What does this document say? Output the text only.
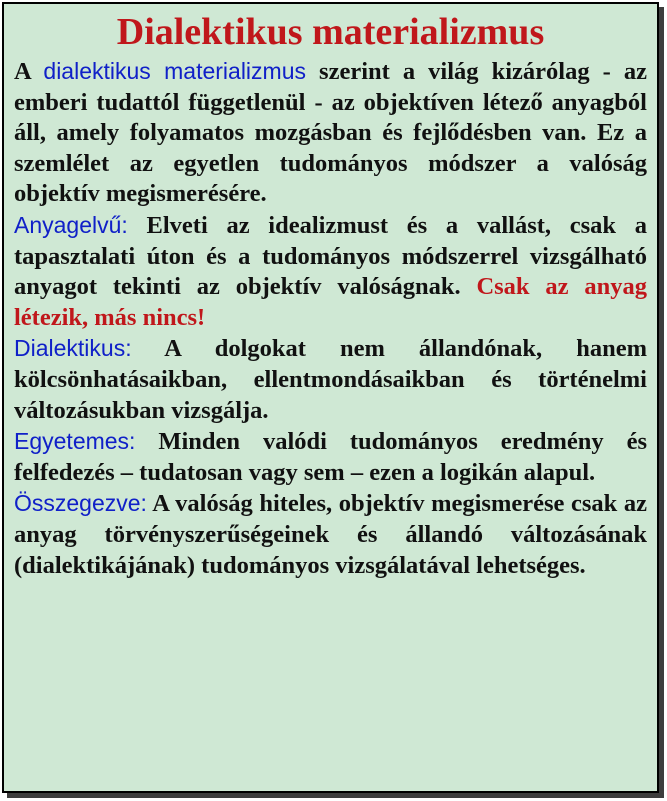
Dialektikus materializmus

A dialektikus materializmus szerint a világ kizárólag - az emberi tudattól függetlenül - az objektíven létező anyagból áll, amely folyamatos mozgásban és fejlődésben van. Ez a szemlélet az egyetlen tudományos módszer a valóság objektív megismerésére.

Anyagelvű: Elveti az idealizmust és a vallást, csak a tapasztalati úton és a tudományos módszerrel vizsgálható anyagot tekinti az objektív valóságnak. Csak az anyag létezik, más nincs!

Dialektikus: A dolgokat nem állandónak, hanem kölcsönhatásaikban, ellentmondásaikban és történelmi változásukban vizsgálja.

Egyetemes: Minden valódi tudományos eredmény és felfedezés – tudatosan vagy sem – ezen a logikán alapul.

Összegezve: A valóság hiteles, objektív megismerése csak az anyag törvényszerűségeinek és állandó változásának (dialektikájának) tudományos vizsgálatával lehetséges.
